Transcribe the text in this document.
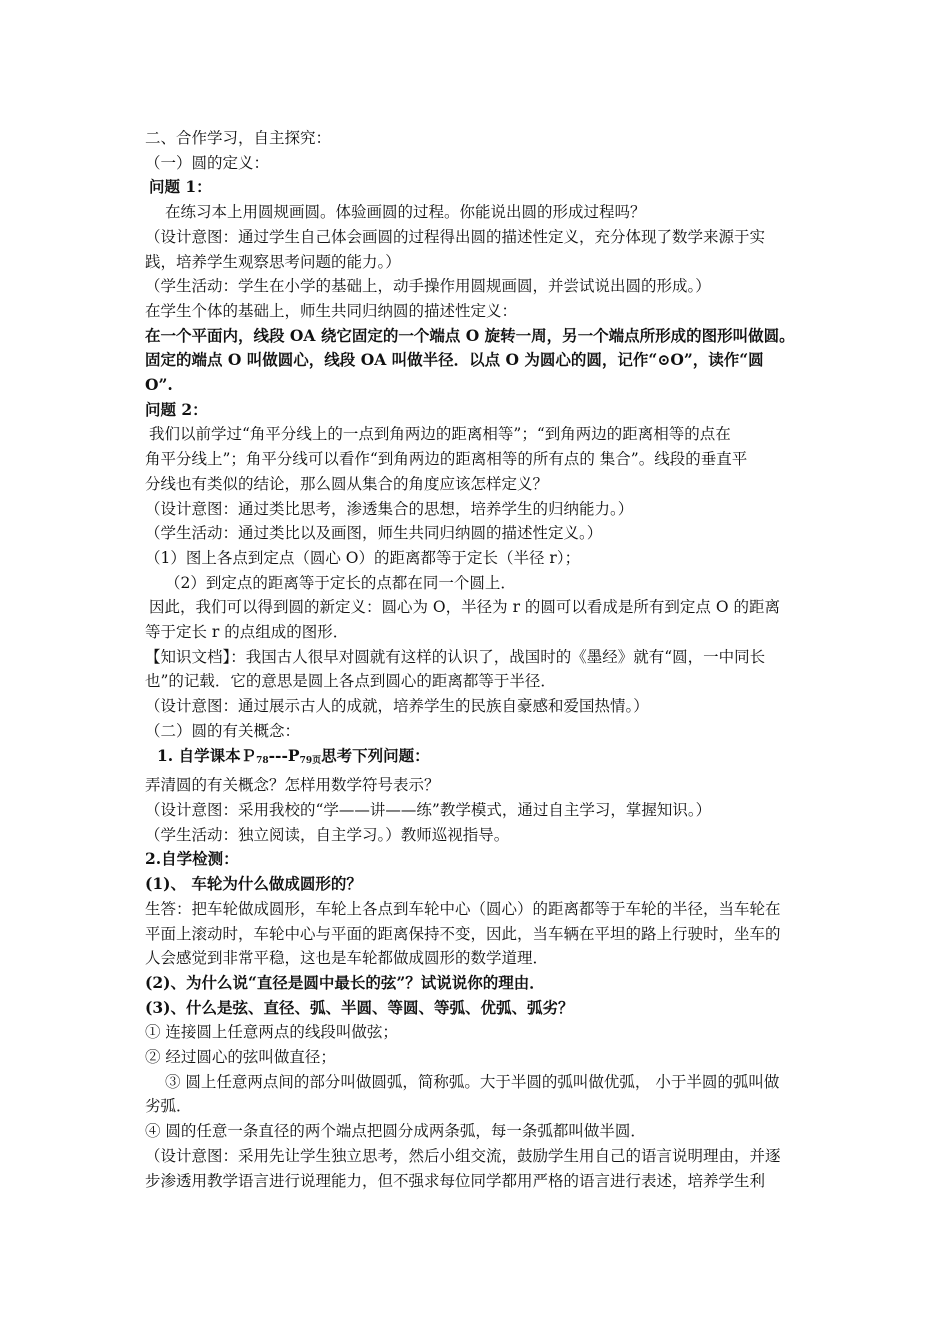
二、合作学习，自主探究：
（一）圆的定义：
问题 1：
在练习本上用圆规画圆。体验画圆的过程。你能说出圆的形成过程吗？
（设计意图：通过学生自己体会画圆的过程得出圆的描述性定义，充分体现了数学来源于实
践，培养学生观察思考问题的能力。）
（学生活动：学生在小学的基础上，动手操作用圆规画圆，并尝试说出圆的形成。）
在学生个体的基础上，师生共同归纳圆的描述性定义：
在一个平面内，线段 OA 绕它固定的一个端点 O 旋转一周，另一个端点所形成的图形叫做圆。
固定的端点 O 叫做圆心，线段 OA 叫做半径．以点 O 为圆心的圆，记作“⊙O”，读作“圆
O”.
问题 2：
我们以前学过“角平分线上的一点到角两边的距离相等”；“到角两边的距离相等的点在
角平分线上”；角平分线可以看作“到角两边的距离相等的所有点的 集合”。线段的垂直平
分线也有类似的结论，那么圆从集合的角度应该怎样定义？
（设计意图：通过类比思考，渗透集合的思想，培养学生的归纳能力。）
（学生活动：通过类比以及画图，师生共同归纳圆的描述性定义。）
（1）图上各点到定点（圆心 O）的距离都等于定长（半径 r）；
（2）到定点的距离等于定长的点都在同一个圆上．
因此，我们可以得到圆的新定义：圆心为 O，半径为 r 的圆可以看成是所有到定点 O 的距离
等于定长 r 的点组成的图形．
【知识文档】：我国古人很早对圆就有这样的认识了，战国时的《墨经》就有“圆，一中同长
也”的记载．它的意思是圆上各点到圆心的距离都等于半径．
（设计意图：通过展示古人的成就，培养学生的民族自豪感和爱国热情。）
（二）圆的有关概念：
1. 自学课本$P_{78}---P_{79页}$思考下列问题：
弄清圆的有关概念？怎样用数学符号表示？
（设计意图：采用我校的“学——讲——练”教学模式，通过自主学习，掌握知识。）
（学生活动：独立阅读，自主学习。）教师巡视指导。
2.自学检测：
(1)、 车轮为什么做成圆形的？
生答：把车轮做成圆形，车轮上各点到车轮中心（圆心）的距离都等于车轮的半径，当车轮在
平面上滚动时，车轮中心与平面的距离保持不变，因此，当车辆在平坦的路上行驶时，坐车的
人会感觉到非常平稳，这也是车轮都做成圆形的数学道理．
(2)、为什么说“直径是圆中最长的弦”？试说说你的理由．
(3)、什么是弦、直径、弧、半圆、等圆、等弧、优弧、弧劣？
① 连接圆上任意两点的线段叫做弦；
② 经过圆心的弦叫做直径；
③ 圆上任意两点间的部分叫做圆弧，简称弧。大于半圆的弧叫做优弧， 小于半圆的弧叫做
劣弧．
④ 圆的任意一条直径的两个端点把圆分成两条弧，每一条弧都叫做半圆．
（设计意图：采用先让学生独立思考，然后小组交流，鼓励学生用自己的语言说明理由，并逐
步渗透用教学语言进行说理能力，但不强求每位同学都用严格的语言进行表述，培养学生利
